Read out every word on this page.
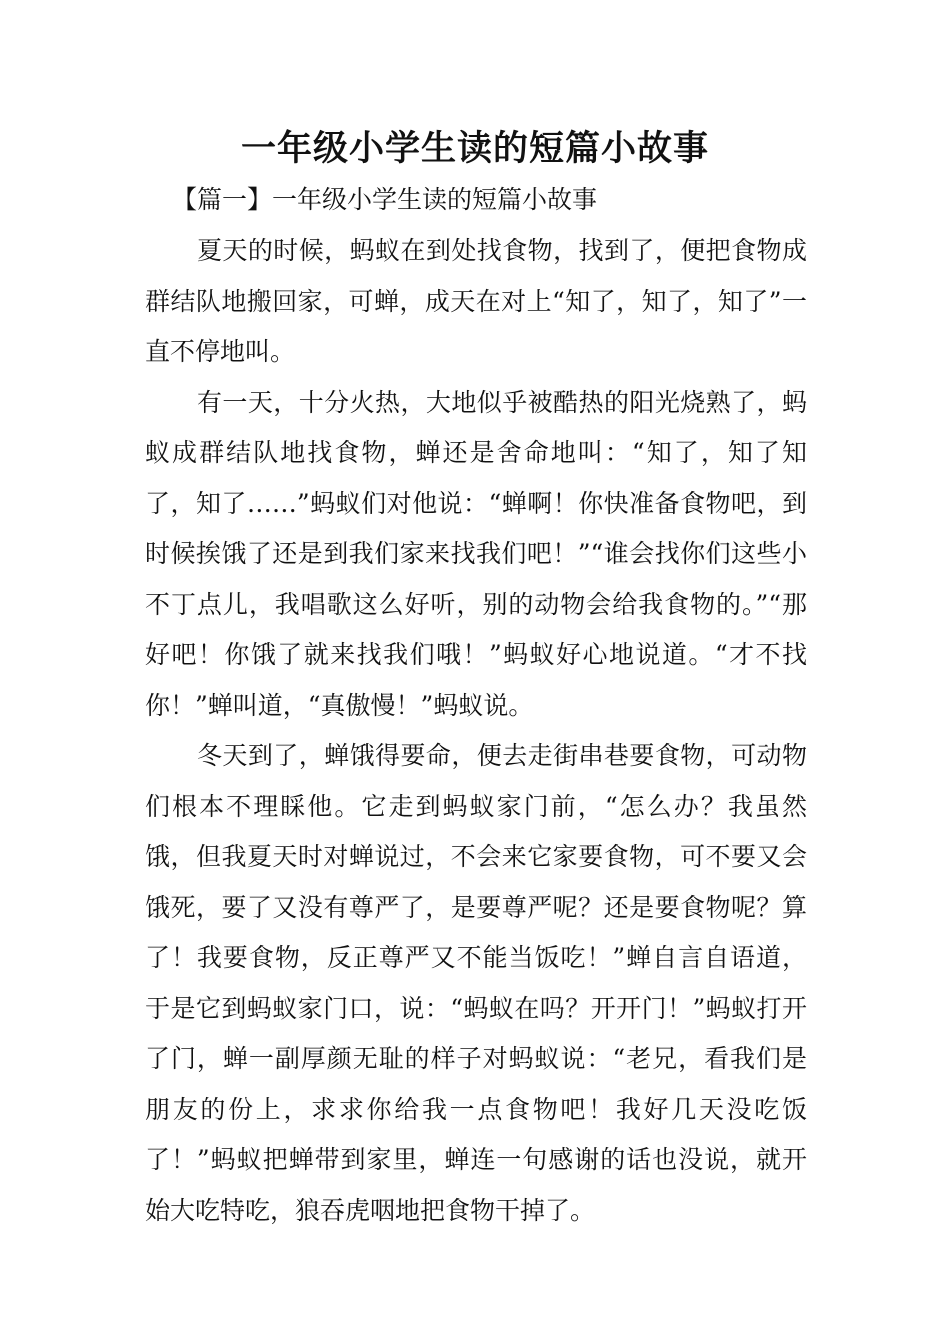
一年级小学生读的短篇小故事
【篇一】一年级小学生读的短篇小故事

夏天的时候，蚂蚁在到处找食物，找到了，便把食物成群结队地搬回家，可蝉，成天在对上“知了，知了，知了”一直不停地叫。

有一天，十分火热，大地似乎被酷热的阳光烧熟了，蚂蚁成群结队地找食物，蝉还是舍命地叫：“知了，知了知了，知了……”蚂蚁们对他说：“蝉啊！你快准备食物吧，到时候挨饿了还是到我们家来找我们吧！”“谁会找你们这些小不丁点儿，我唱歌这么好听，别的动物会给我食物的。”“那好吧！你饿了就来找我们哦！”蚂蚁好心地说道。“才不找你！”蝉叫道，“真傲慢！”蚂蚁说。

冬天到了，蝉饿得要命，便去走街串巷要食物，可动物们根本不理睬他。它走到蚂蚁家门前，“怎么办？我虽然饿，但我夏天时对蝉说过，不会来它家要食物，可不要又会饿死，要了又没有尊严了，是要尊严呢？还是要食物呢？算了！我要食物，反正尊严又不能当饭吃！”蝉自言自语道，于是它到蚂蚁家门口，说：“蚂蚁在吗？开开门！”蚂蚁打开了门，蝉一副厚颜无耻的样子对蚂蚁说：“老兄，看我们是朋友的份上，求求你给我一点食物吧！我好几天没吃饭了！”蚂蚁把蝉带到家里，蝉连一句感谢的话也没说，就开始大吃特吃，狼吞虎咽地把食物干掉了。
